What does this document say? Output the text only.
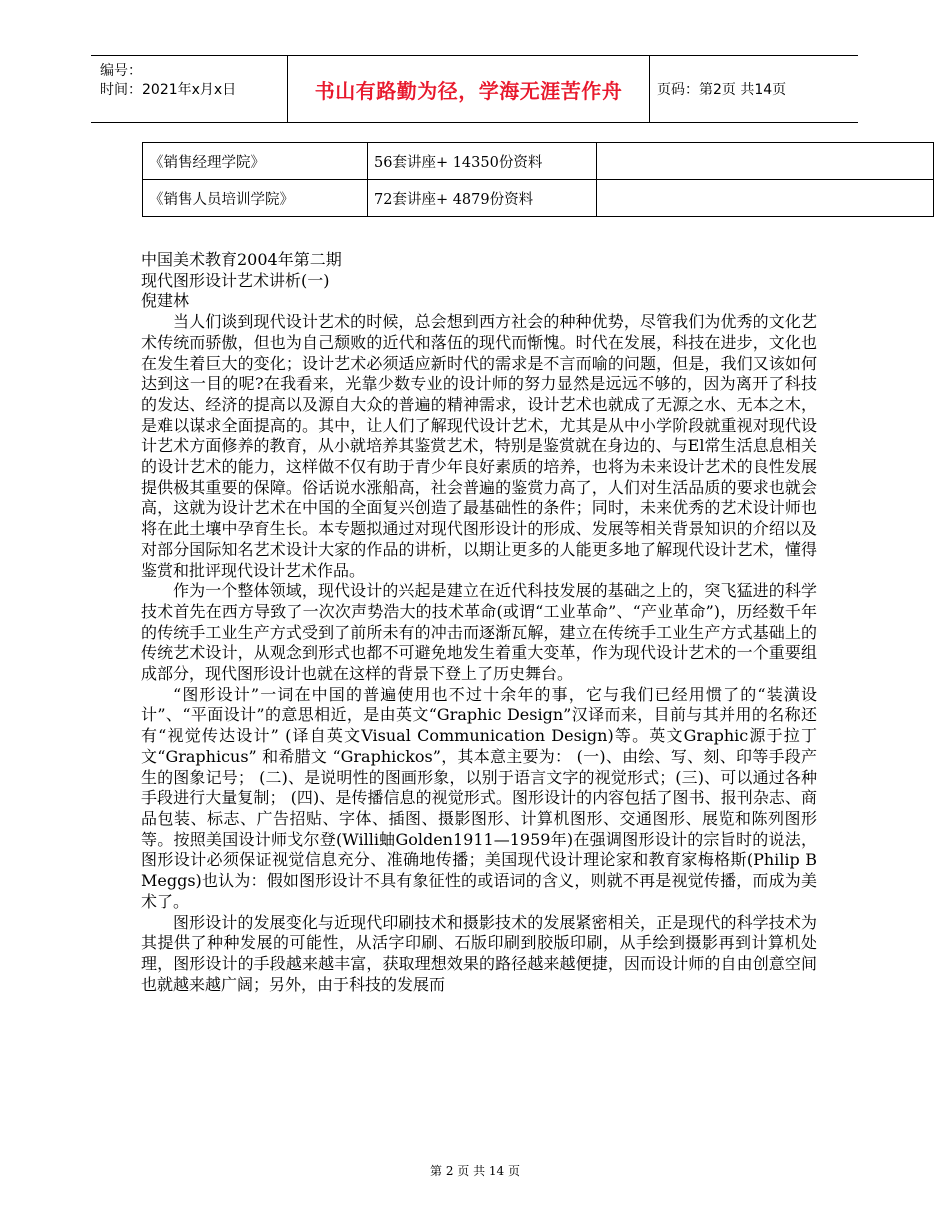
编号：
时间：2021年x月x日	书山有路勤为径，学海无涯苦作舟 页码：第2页 共14页
《销售经理学院》	56套讲座+ 14350份资料	
《销售人员培训学院》	72套讲座+ 4879份资料	

中国美术教育2004年第二期

现代图形设计艺术讲析(一)

倪建林

当人们谈到现代设计艺术的时候，总会想到西方社会的种种优势，尽管我们为优秀的文化艺术传统而骄傲，但也为自己颓败的近代和落伍的现代而惭愧。时代在发展，科技在进步，文化也在发生着巨大的变化；设计艺术必须适应新时代的需求是不言而喻的问题，但是，我们又该如何达到这一目的呢?在我看来，光靠少数专业的设计师的努力显然是远远不够的，因为离开了科技的发达、经济的提高以及源自大众的普遍的精神需求，设计艺术也就成了无源之水、无本之木，是难以谋求全面提高的。其中，让人们了解现代设计艺术，尤其是从中小学阶段就重视对现代设计艺术方面修养的教育，从小就培养其鉴赏艺术，特别是鉴赏就在身边的、与El常生活息息相关的设计艺术的能力，这样做不仅有助于青少年良好素质的培养，也将为未来设计艺术的良性发展提供极其重要的保障。俗话说水涨船高，社会普遍的鉴赏力高了，人们对生活品质的要求也就会高，这就为设计艺术在中国的全面复兴创造了最基础性的条件；同时，未来优秀的艺术设计师也将在此土壤中孕育生长。本专题拟通过对现代图形设计的形成、发展等相关背景知识的介绍以及对部分国际知名艺术设计大家的作品的讲析，以期让更多的人能更多地了解现代设计艺术，懂得鉴赏和批评现代设计艺术作品。

作为一个整体领域，现代设计的兴起是建立在近代科技发展的基础之上的，突飞猛进的科学技术首先在西方导致了一次次声势浩大的技术革命(或谓“工业革命”、“产业革命”)，历经数千年的传统手工业生产方式受到了前所未有的冲击而逐渐瓦解，建立在传统手工业生产方式基础上的传统艺术设计，从观念到形式也都不可避免地发生着重大变革，作为现代设计艺术的一个重要组成部分，现代图形设计也就在这样的背景下登上了历史舞台。

“图形设计”一词在中国的普遍使用也不过十余年的事，它与我们已经用惯了的“装潢设计”、“平面设计”的意思相近，是由英文“Graphic Design”汉译而来，目前与其并用的名称还有“视觉传达设计” (译自英文Visual Communication Design)等。英文Graphic源于拉丁文“Graphicus” 和希腊文 “Graphickos”，其本意主要为： (一)、由绘、写、刻、印等手段产生的图象记号； (二)、是说明性的图画形象，以别于语言文字的视觉形式；(三)、可以通过各种手段进行大量复制； (四)、是传播信息的视觉形式。图形设计的内容包括了图书、报刊杂志、商品包装、标志、广告招贴、字体、插图、摄影图形、计算机图形、交通图形、展览和陈列图形等。按照美国设计师戈尔登(Willi蚰Golden1911—1959年)在强调图形设计的宗旨时的说法，图形设计必须保证视觉信息充分、准确地传播；美国现代设计理论家和教育家梅格斯(Philip B Meggs)也认为：假如图形设计不具有象征性的或语词的含义，则就不再是视觉传播，而成为美术了。

图形设计的发展变化与近现代印刷技术和摄影技术的发展紧密相关，正是现代的科学技术为其提供了种种发展的可能性，从活字印刷、石版印刷到胶版印刷，从手绘到摄影再到计算机处理，图形设计的手段越来越丰富，获取理想效果的路径越来越便捷，因而设计师的自由创意空间也就越来越广阔；另外，由于科技的发展而

第 2 页 共 14 页
